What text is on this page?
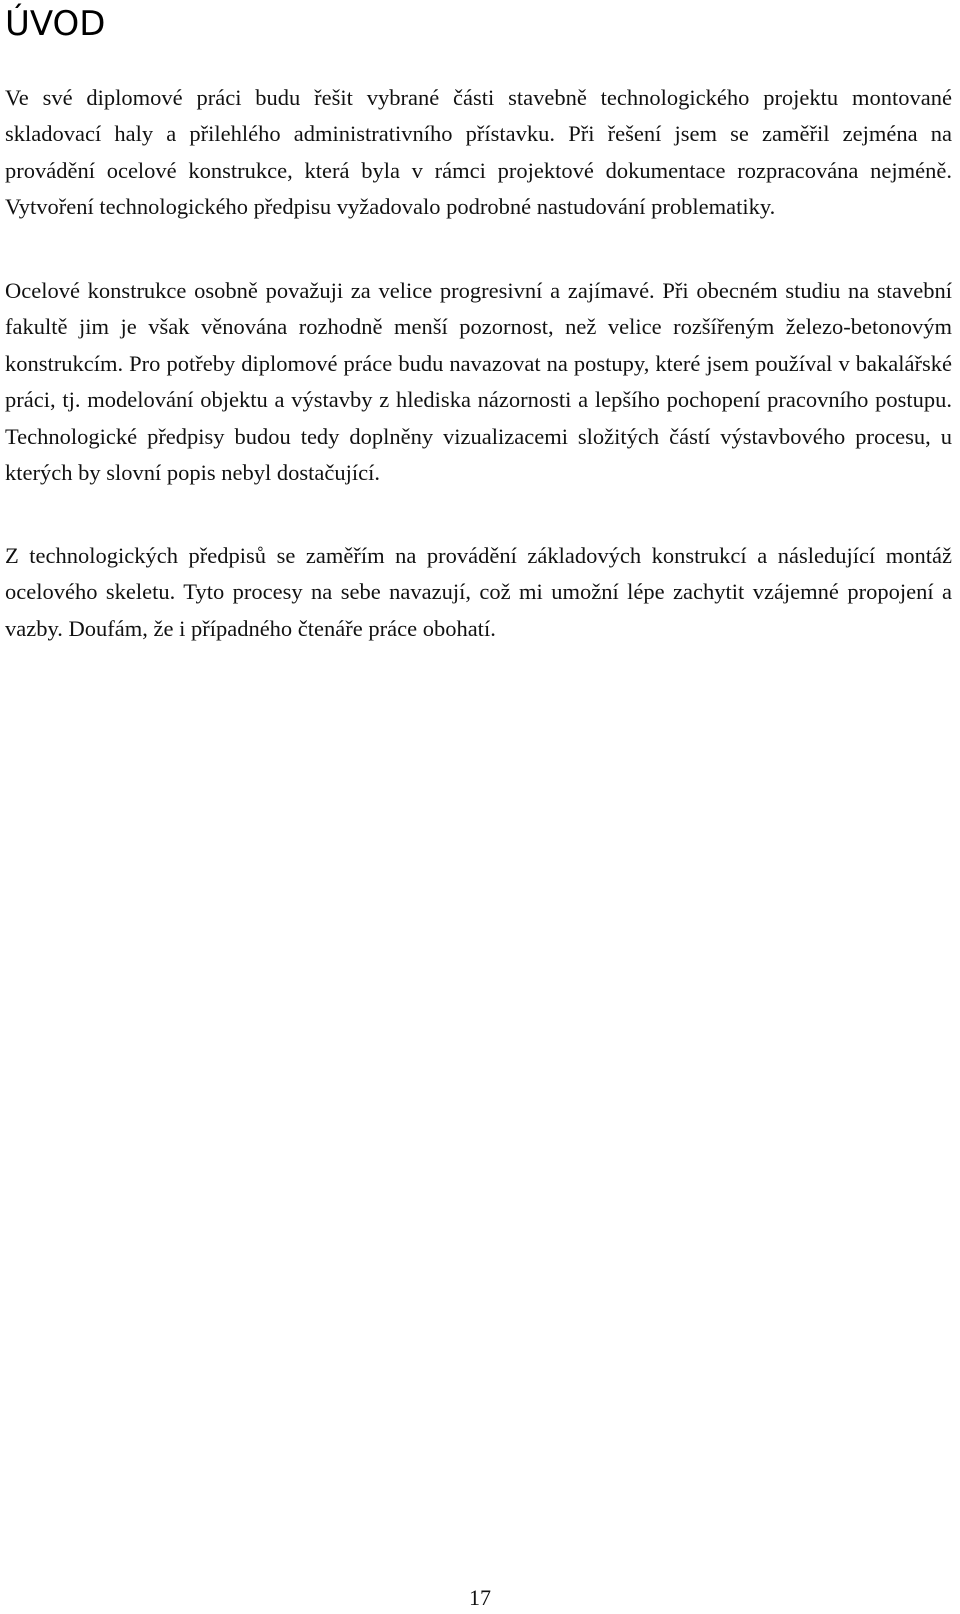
ÚVOD

Ve své diplomové práci budu řešit vybrané části stavebně technologického projektu montované skladovací haly a přilehlého administrativního přístavku. Při řešení jsem se zaměřil zejména na provádění ocelové konstrukce, která byla v rámci projektové dokumentace rozpracována nejméně. Vytvoření technologického předpisu vyžadovalo podrobné nastudování problematiky.

Ocelové konstrukce osobně považuji za velice progresivní a zajímavé. Při obecném studiu na stavební fakultě jim je však věnována rozhodně menší pozornost, než velice rozšířeným železo-betonovým konstrukcím. Pro potřeby diplomové práce budu navazovat na postupy, které jsem používal v bakalářské práci, tj. modelování objektu a výstavby z hlediska názornosti a lepšího pochopení pracovního postupu. Technologické předpisy budou tedy doplněny vizualizacemi složitých částí výstavbového procesu, u kterých by slovní popis nebyl dostačující.

Z technologických předpisů se zaměřím na provádění základových konstrukcí a následující montáž ocelového skeletu. Tyto procesy na sebe navazují, což mi umožní lépe zachytit vzájemné propojení a vazby. Doufám, že i případného čtenáře práce obohatí.

17
